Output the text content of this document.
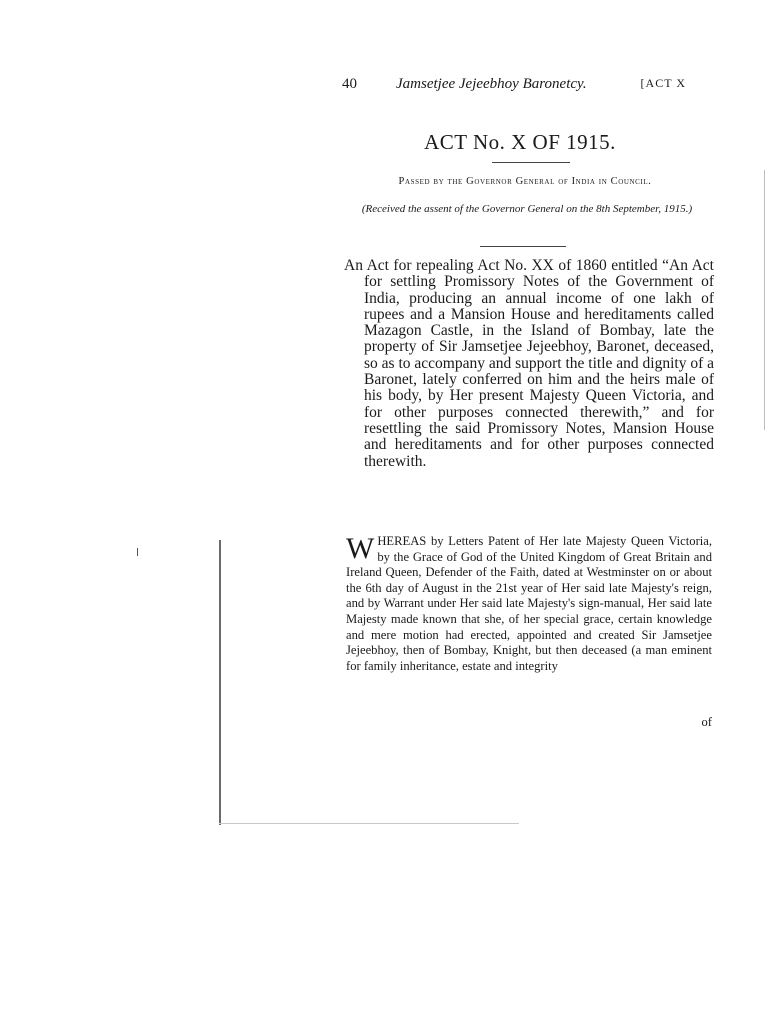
40	Jamsetjee Jejeebhoy Baronetcy.	[ACT X
ACT No. X OF 1915.
Passed by the Governor General of India in Council.
(Received the assent of the Governor General on the 8th September, 1915.)
An Act for repealing Act No. XX of 1860 entitled “An Act for settling Promissory Notes of the Government of India, producing an annual income of one lakh of rupees and a Mansion House and hereditaments called Mazagon Castle, in the Island of Bombay, late the property of Sir Jamsetjee Jejeebhoy, Baronet, deceased, so as to accompany and support the title and dignity of a Baronet, lately conferred on him and the heirs male of his body, by Her present Majesty Queen Victoria, and for other purposes connected therewith,” and for resettling the said Promissory Notes, Mansion House and hereditaments and for other purposes connected therewith.
WHEREAS by Letters Patent of Her late Majesty Queen Victoria, by the Grace of God of the United Kingdom of Great Britain and Ireland Queen, Defender of the Faith, dated at Westminster on or about the 6th day of August in the 21st year of Her said late Majesty's reign, and by Warrant under Her said late Majesty's sign-manual, Her said late Majesty made known that she, of her special grace, certain knowledge and mere motion had erected, appointed and created Sir Jamsetjee Jejeebhoy, then of Bombay, Knight, but then deceased (a man eminent for family inheritance, estate and integrity
of
